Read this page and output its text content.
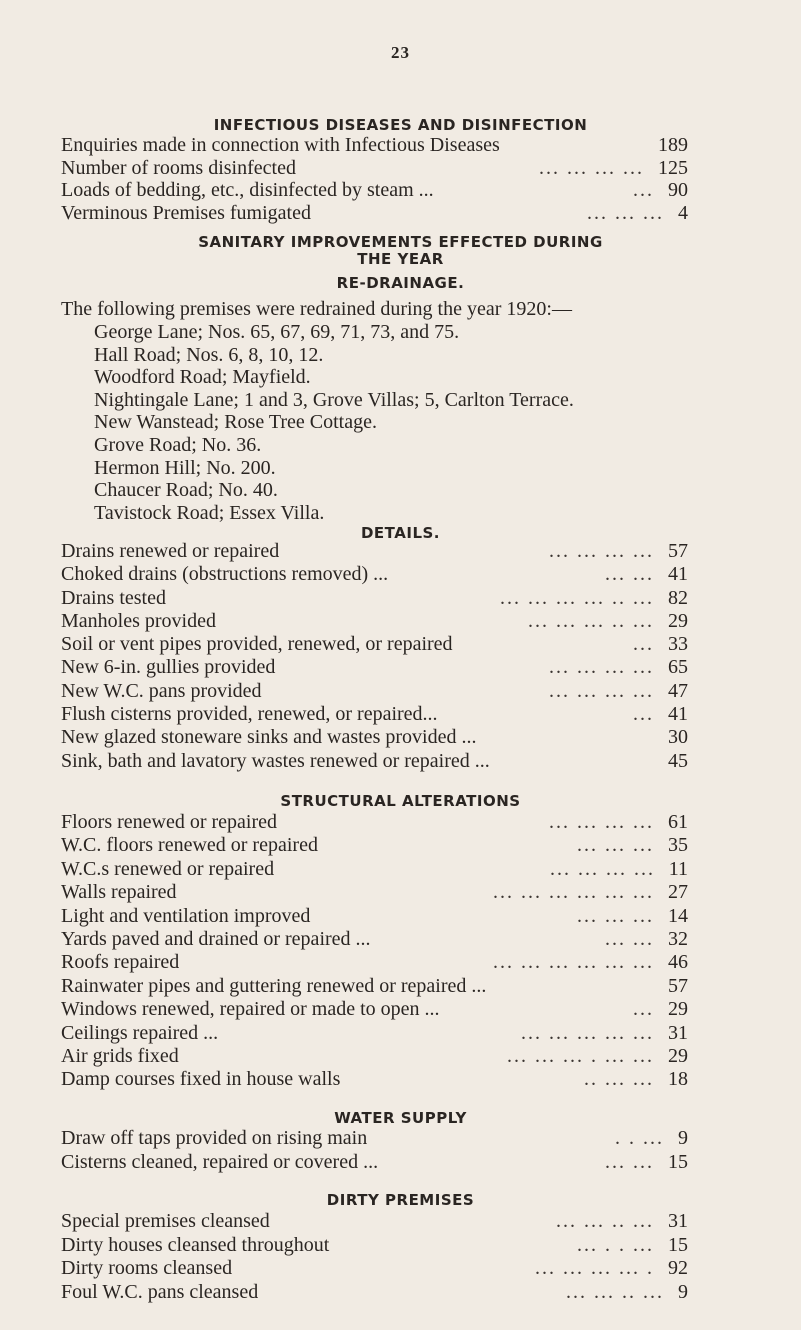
23
INFECTIOUS DISEASES AND DISINFECTION
Enquiries made in connection with Infectious Diseases	189
Number of rooms disinfected	... ... ... ... 125
Loads of bedding, etc., disinfected by steam ...	... 90
Verminous Premises fumigated	... ... ... 4
SANITARY IMPROVEMENTS EFFECTED DURING
THE YEAR
RE-DRAINAGE.
The following premises were redrained during the year 1920:—
George Lane; Nos. 65, 67, 69, 71, 73, and 75.
Hall Road; Nos. 6, 8, 10, 12.
Woodford Road; Mayfield.
Nightingale Lane; 1 and 3, Grove Villas; 5, Carlton Terrace.
New Wanstead; Rose Tree Cottage.
Grove Road; No. 36.
Hermon Hill; No. 200.
Chaucer Road; No. 40.
Tavistock Road; Essex Villa.
DETAILS.
Drains renewed or repaired	... ... ... ... 57
Choked drains (obstructions removed) ...	... ... 41
Drains tested	... ... ... ... .. ... 82
Manholes provided	... ... ... .. ... 29
Soil or vent pipes provided, renewed, or repaired	... 33
New 6-in. gullies provided	... ... ... ... 65
New W.C. pans provided	... ... ... ... 47
Flush cisterns provided, renewed, or repaired...	... 41
New glazed stoneware sinks and wastes provided ...	30
Sink, bath and lavatory wastes renewed or repaired ...	45
STRUCTURAL ALTERATIONS
Floors renewed or repaired	... ... ... ... 61
W.C. floors renewed or repaired	... ... ... 35
W.C.s renewed or repaired	... ... ... ... 11
Walls repaired	... ... ... ... ... ... 27
Light and ventilation improved	... ... ... 14
Yards paved and drained or repaired ...	... ... 32
Roofs repaired	... ... ... ... ... ... 46
Rainwater pipes and guttering renewed or repaired ...	57
Windows renewed, repaired or made to open ...	... 29
Ceilings repaired ...	... ... ... ... ... 31
Air grids fixed	... ... ... . ... ... 29
Damp courses fixed in house walls	.. ... ... 18
WATER SUPPLY
Draw off taps provided on rising main	. . ... 9
Cisterns cleaned, repaired or covered ...	... ... 15
DIRTY PREMISES
Special premises cleansed	... ... .. ... 31
Dirty houses cleansed throughout	... . . ... 15
Dirty rooms cleansed	... ... ... ... . 92
Foul W.C. pans cleansed	... ... .. ... 9
